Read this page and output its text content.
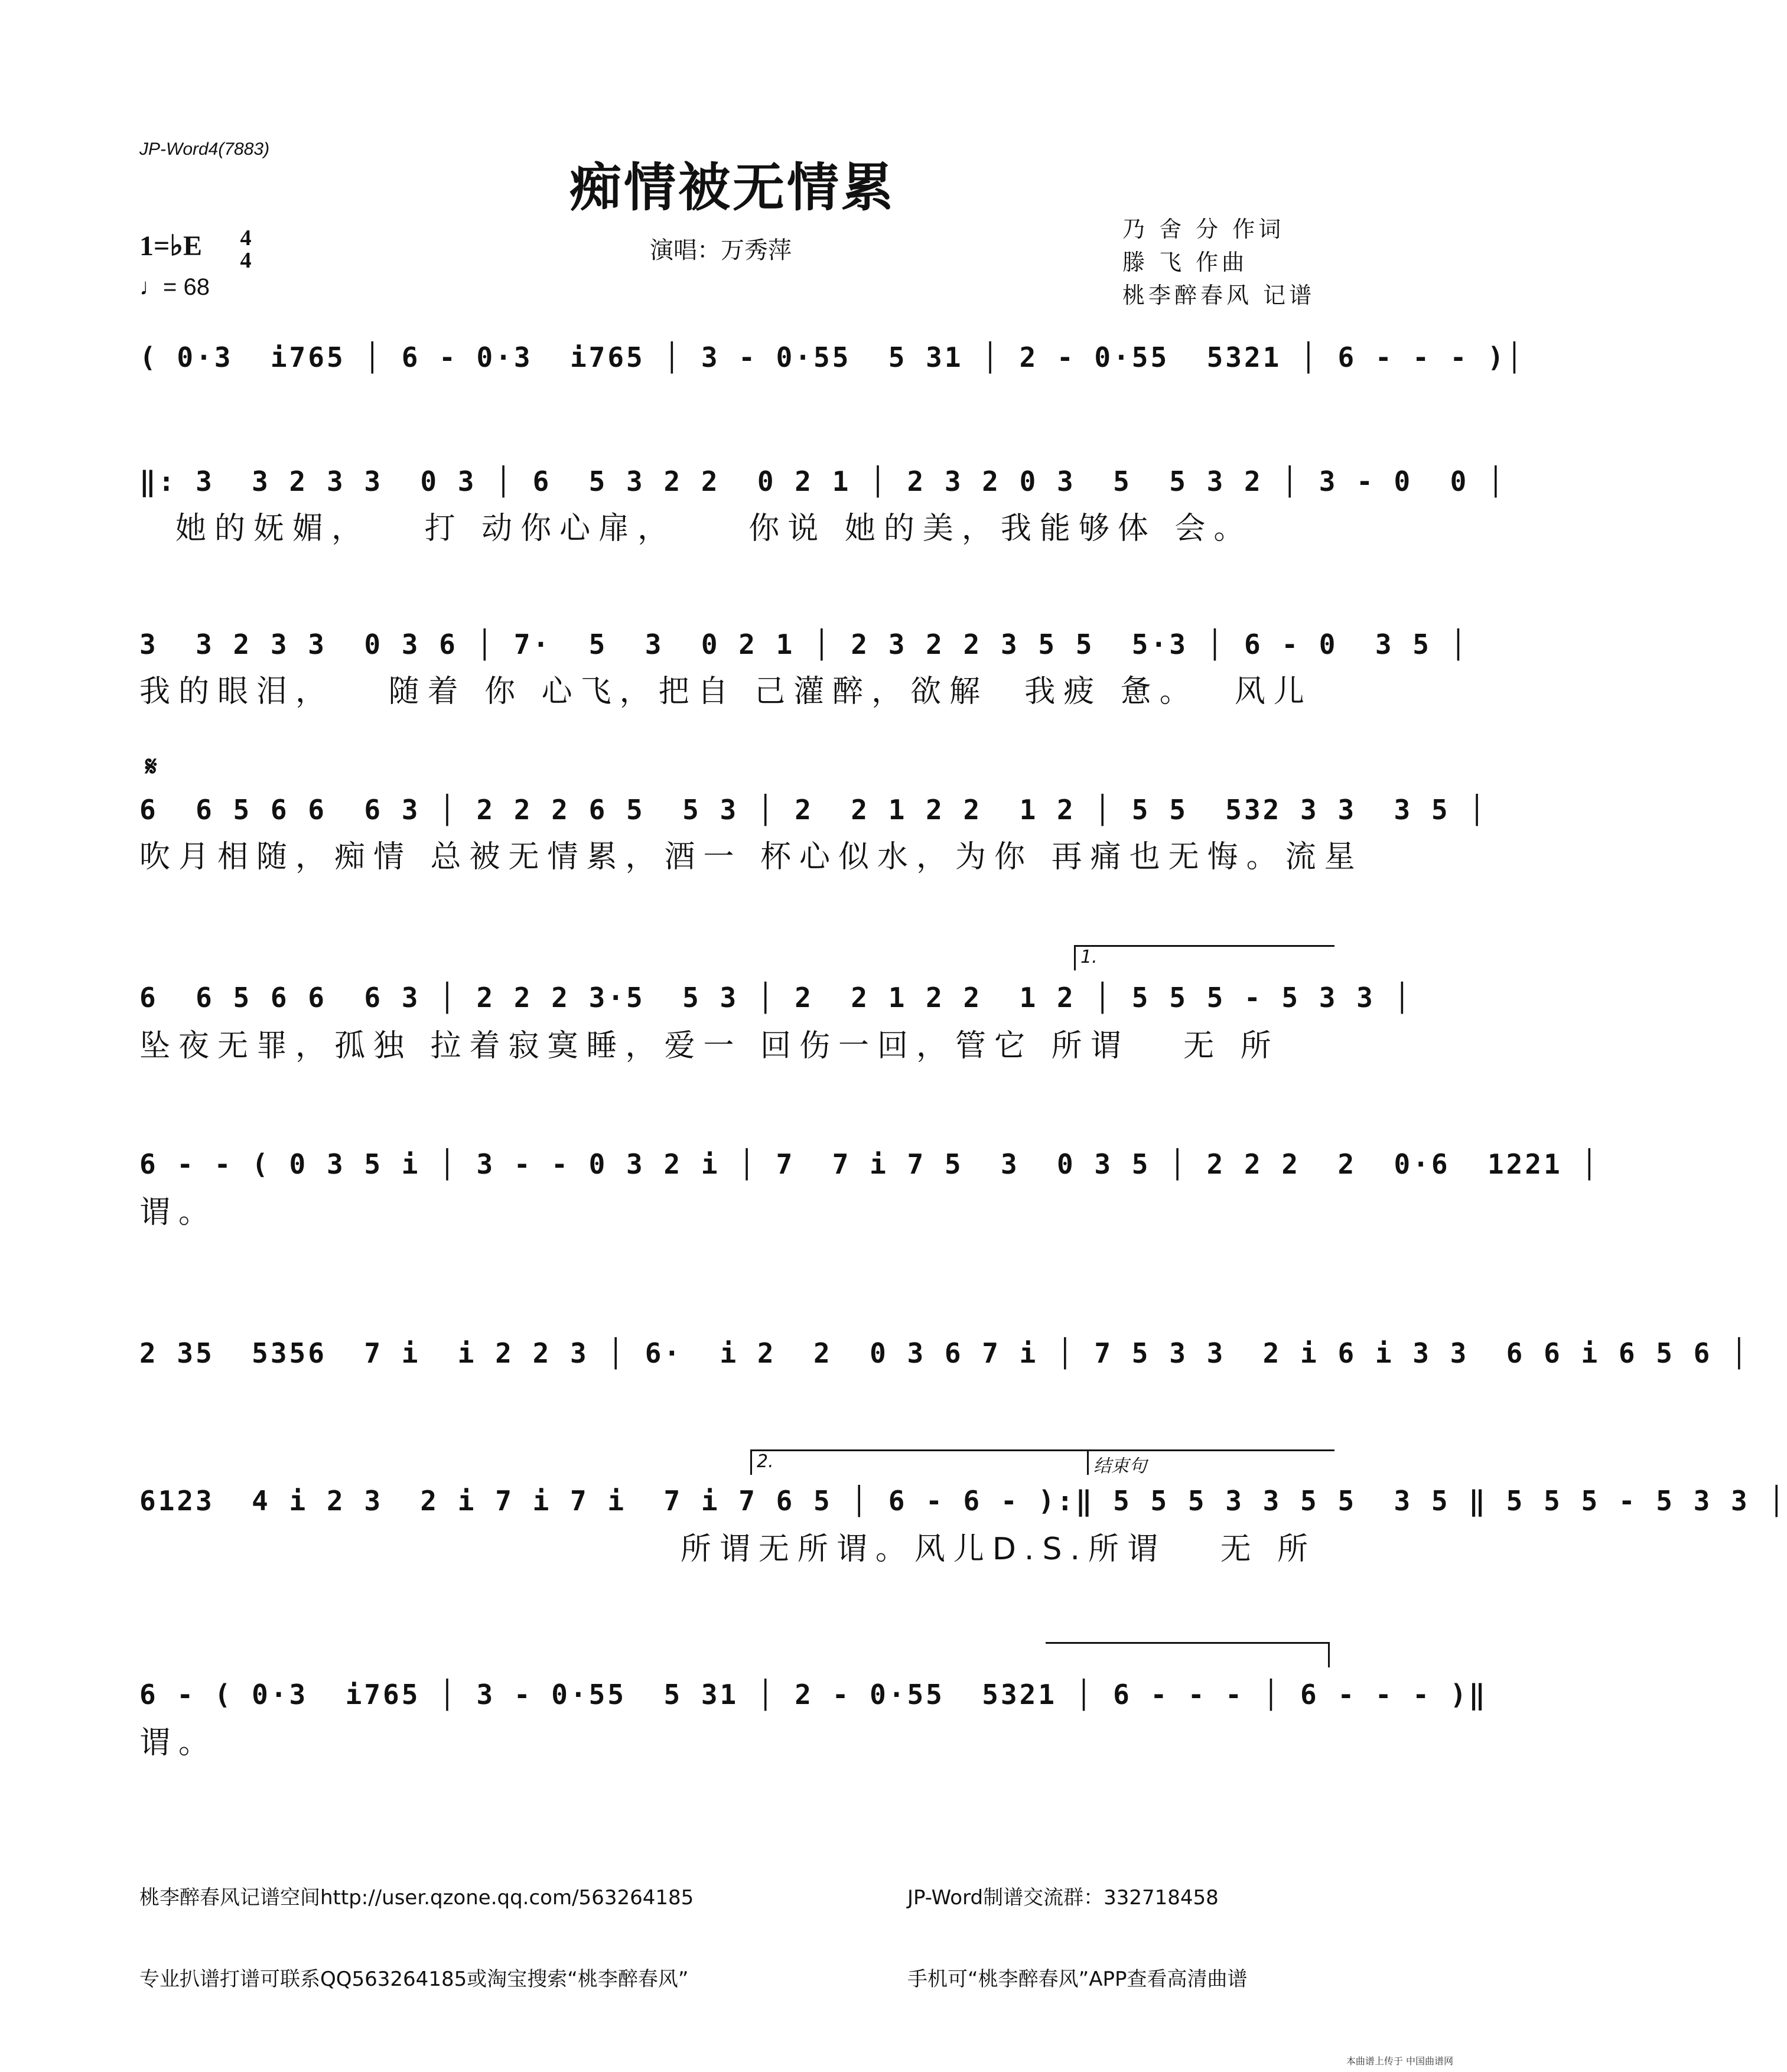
JP-Word4(7883)
痴情被无情累
1=♭E 4
4
♩= 68
演唱：万秀萍
乃 舍 分 作词
滕 飞 作曲
桃李醉春风 记谱
( 0·3  i765 │ 6 - 0·3  i765 │ 3 - 0·55  5 31 │ 2 - 0·55  5321 │ 6 - - - )│
‖: 3  3 2 3 3  0 3 │ 6  5 3 2 2  0 2 1 │ 2 3 2 0 3  5  5 3 2 │ 3 - 0  0 │
她的妩媚，   打 动你心扉，    你说 她的美，我能够体 会。
3  3 2 3 3  0 3 6 │ 7·  5  3  0 2 1 │ 2 3 2 2 3 5 5  5·3 │ 6 - 0  3 5 │
我的眼泪，   随着 你 心飞，把自 己灌醉，欲解  我疲 惫。  风儿
𝄋
6  6 5 6 6  6 3 │ 2 2 2 6 5  5 3 │ 2  2 1 2 2  1 2 │ 5 5  532 3 3  3 5 │
吹月相随，痴情 总被无情累，酒一 杯心似水，为你 再痛也无悔。流星
1.
6  6 5 6 6  6 3 │ 2 2 2 3·5  5 3 │ 2  2 1 2 2  1 2 │ 5 5 5 - 5 3 3 │
坠夜无罪，孤独 拉着寂寞睡，爱一 回伤一回，管它 所谓   无 所
6 - - ( 0 3 5 i │ 3 - - 0 3 2 i │ 7  7 i 7 5  3  0 3 5 │ 2 2 2  2  0·6  1221 │
谓。
2 35  5356  7 i  i 2 2 3 │ 6·  i 2  2  0 3 6 7 i │ 7 5 3 3  2 i 6 i 3 3  6 6 i 6 5 6 │
2.	结束句
6123  4 i 2 3  2 i 7 i 7 i  7 i 7 6 5 │ 6 - 6 - ):‖ 5 5 5 3 3 5 5  3 5 ‖ 5 5 5 - 5 3 3 │
所谓无所谓。风儿D.S.所谓   无 所
6 - ( 0·3  i765 │ 3 - 0·55  5 31 │ 2 - 0·55  5321 │ 6 - - - │ 6 - - - )‖
谓。

桃李醉春风记谱空间http://user.qzone.qq.com/563264185

专业扒谱打谱可联系QQ563264185或淘宝搜索“桃李醉春风”

JP-Word制谱交流群：332718458

手机可“桃李醉春风”APP查看高清曲谱

本曲谱上传于 中国曲谱网
